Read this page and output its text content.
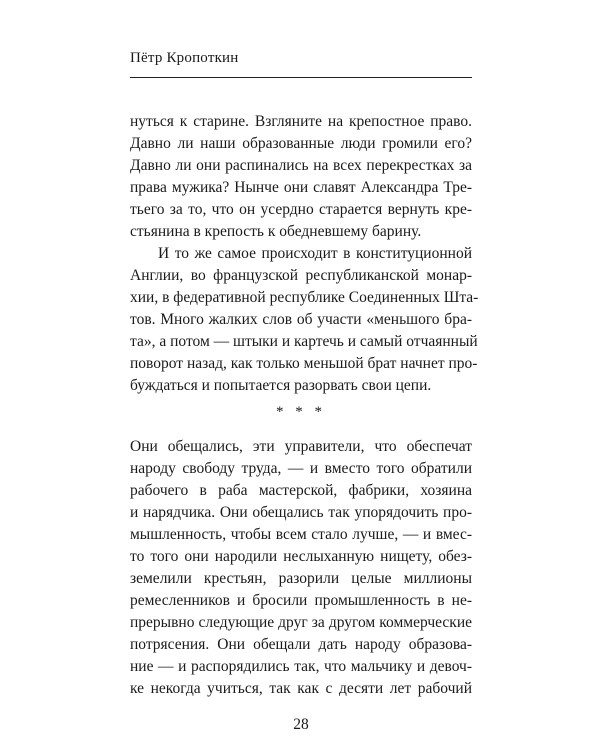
Пётр Кропоткин
нуться к старине. Взгляните на крепостное право.
Давно ли наши образованные люди громили его?
Давно ли они распинались на всех перекрестках за
права мужика? Нынче они славят Александра Тре-
тьего за то, что он усердно старается вернуть кре-
стьянина в крепость к обедневшему барину.
И то же самое происходит в конституционной
Англии, во французской республиканской монар-
хии, в федеративной республике Соединенных Шта-
тов. Много жалких слов об участи «меньшого бра-
та», а потом — штыки и картечь и самый отчаянный
поворот назад, как только меньшой брат начнет про-
буждаться и попытается разорвать свои цепи.
* * *
Они обещались, эти управители, что обеспечат
народу свободу труда, — и вместо того обратили
рабочего в раба мастерской, фабрики, хозяина
и нарядчика. Они обещались так упорядочить про-
мышленность, чтобы всем стало лучше, — и вмес-
то того они народили неслыханную нищету, обез-
земелили крестьян, разорили целые миллионы
ремесленников и бросили промышленность в не-
прерывно следующие друг за другом коммерческие
потрясения. Они обещали дать народу образова-
ние — и распорядились так, что мальчику и девоч-
ке некогда учиться, так как с десяти лет рабочий
28
